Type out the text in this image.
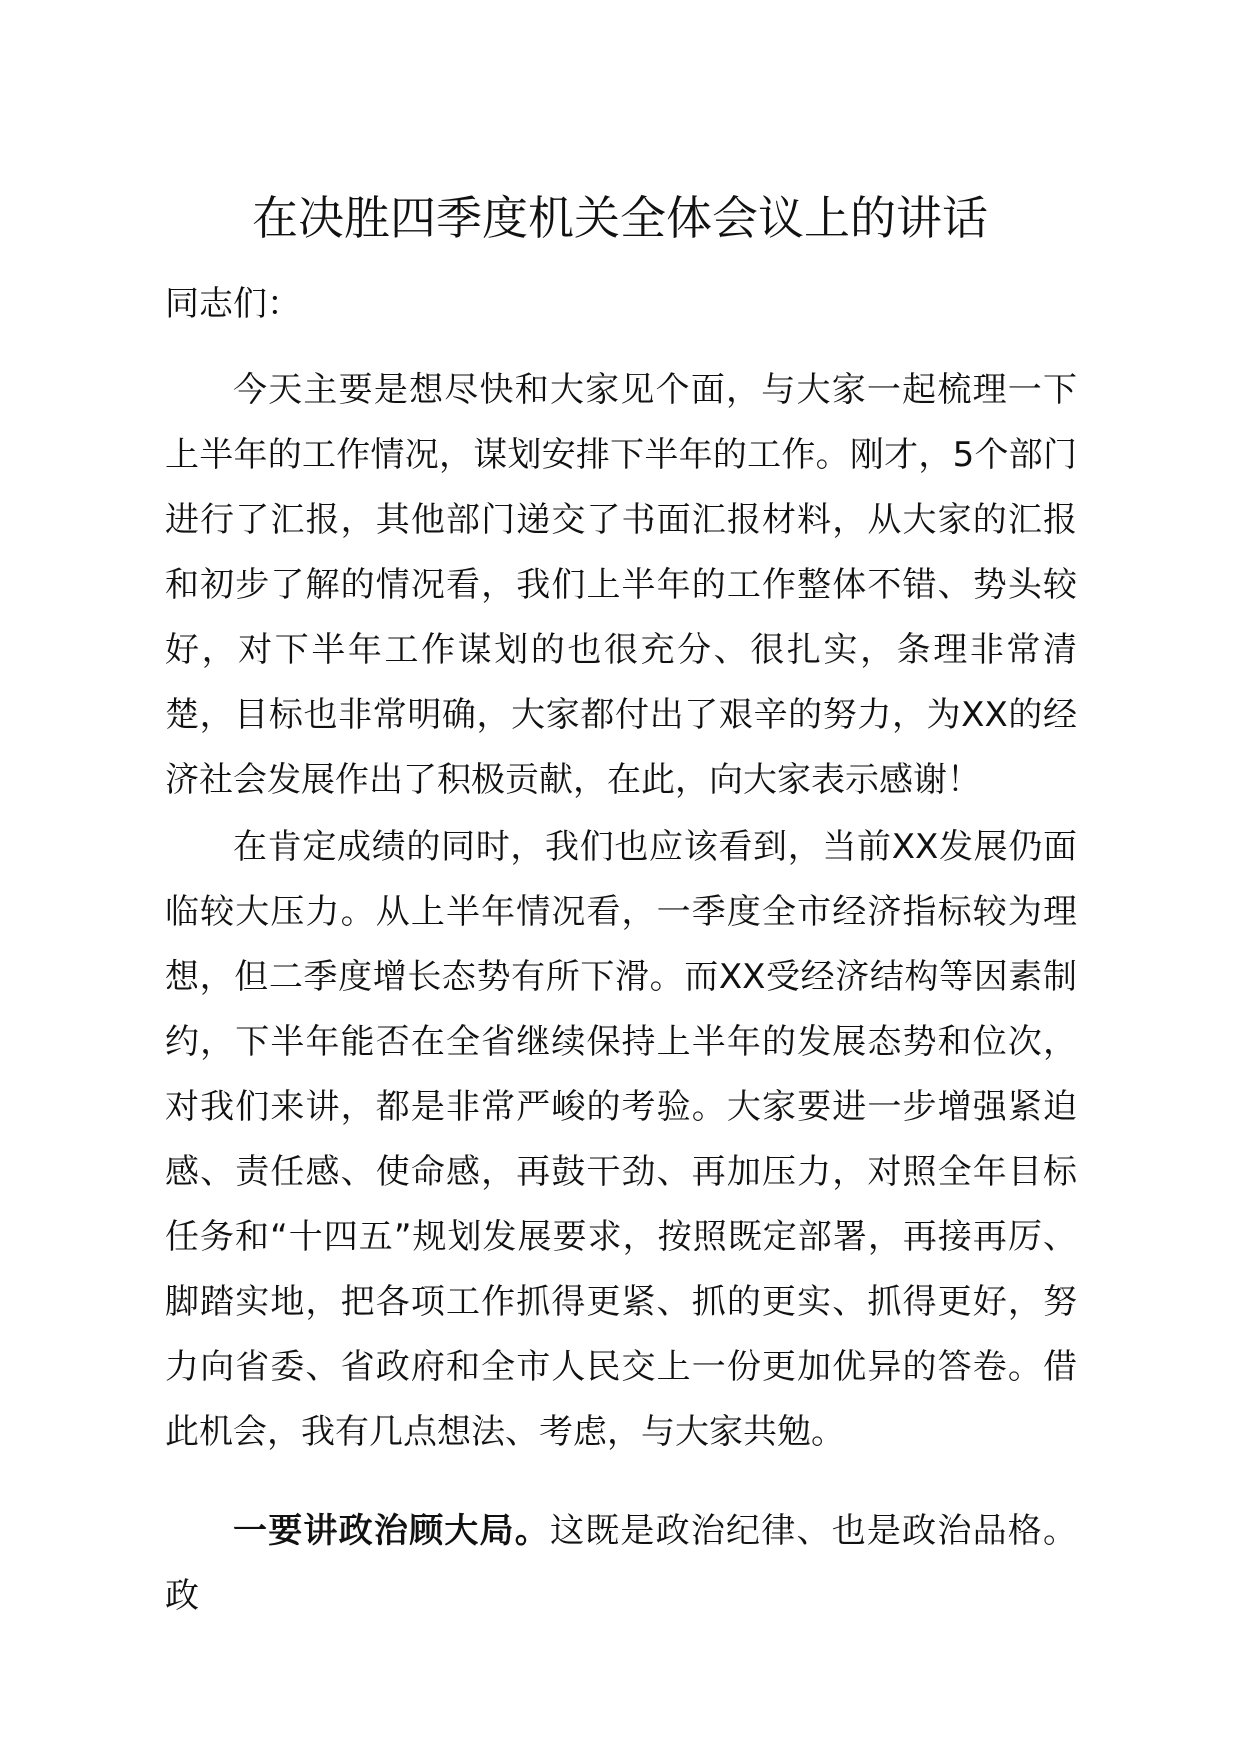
在决胜四季度机关全体会议上的讲话
同志们：
今天主要是想尽快和大家见个面，与大家一起梳理一下上半年的工作情况，谋划安排下半年的工作。刚才，5个部门进行了汇报，其他部门递交了书面汇报材料，从大家的汇报和初步了解的情况看，我们上半年的工作整体不错、势头较好，对下半年工作谋划的也很充分、很扎实，条理非常清楚，目标也非常明确，大家都付出了艰辛的努力，为XX的经济社会发展作出了积极贡献，在此，向大家表示感谢！
在肯定成绩的同时，我们也应该看到，当前XX发展仍面临较大压力。从上半年情况看，一季度全市经济指标较为理想，但二季度增长态势有所下滑。而XX受经济结构等因素制约，下半年能否在全省继续保持上半年的发展态势和位次，对我们来讲，都是非常严峻的考验。大家要进一步增强紧迫感、责任感、使命感，再鼓干劲、再加压力，对照全年目标任务和“十四五”规划发展要求，按照既定部署，再接再厉、脚踏实地，把各项工作抓得更紧、抓的更实、抓得更好，努力向省委、省政府和全市人民交上一份更加优异的答卷。借此机会，我有几点想法、考虑，与大家共勉。
一要讲政治顾大局。这既是政治纪律、也是政治品格。政
